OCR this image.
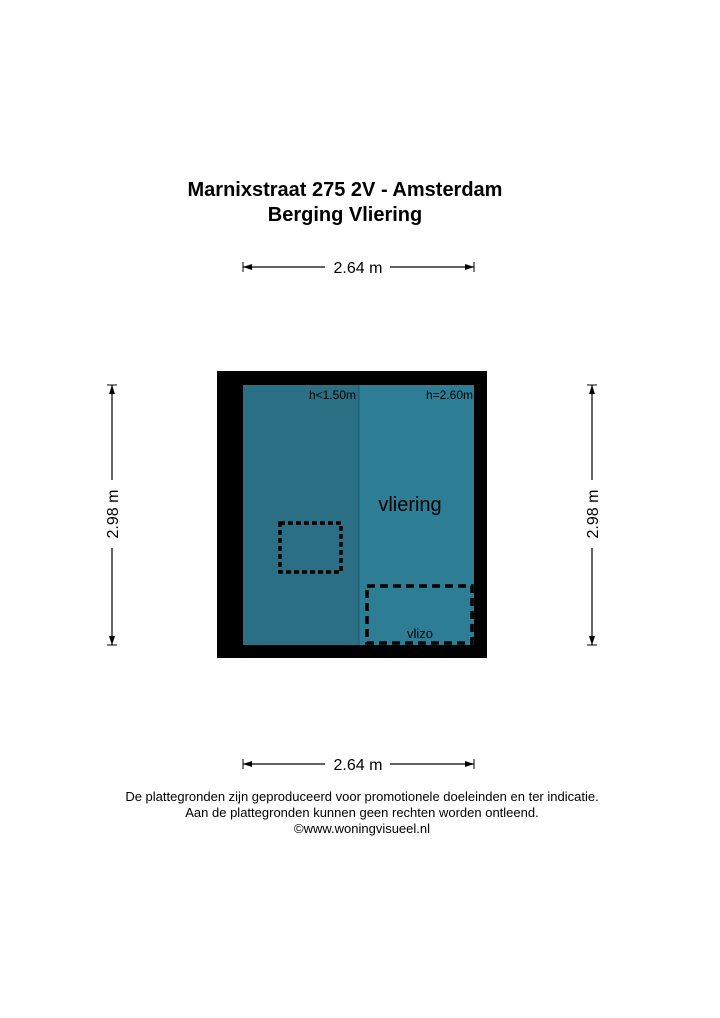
Marnixstraat 275 2V - Amsterdam
Berging Vliering
2.64 m
2.64 m
2.98 m	2.98 m
h<1.50m	h=2.60m
vliering
vlizo
De plattegronden zijn geproduceerd voor promotionele doeleinden en ter indicatie.
Aan de plattegronden kunnen geen rechten worden ontleend.
©www.woningvisueel.nl
